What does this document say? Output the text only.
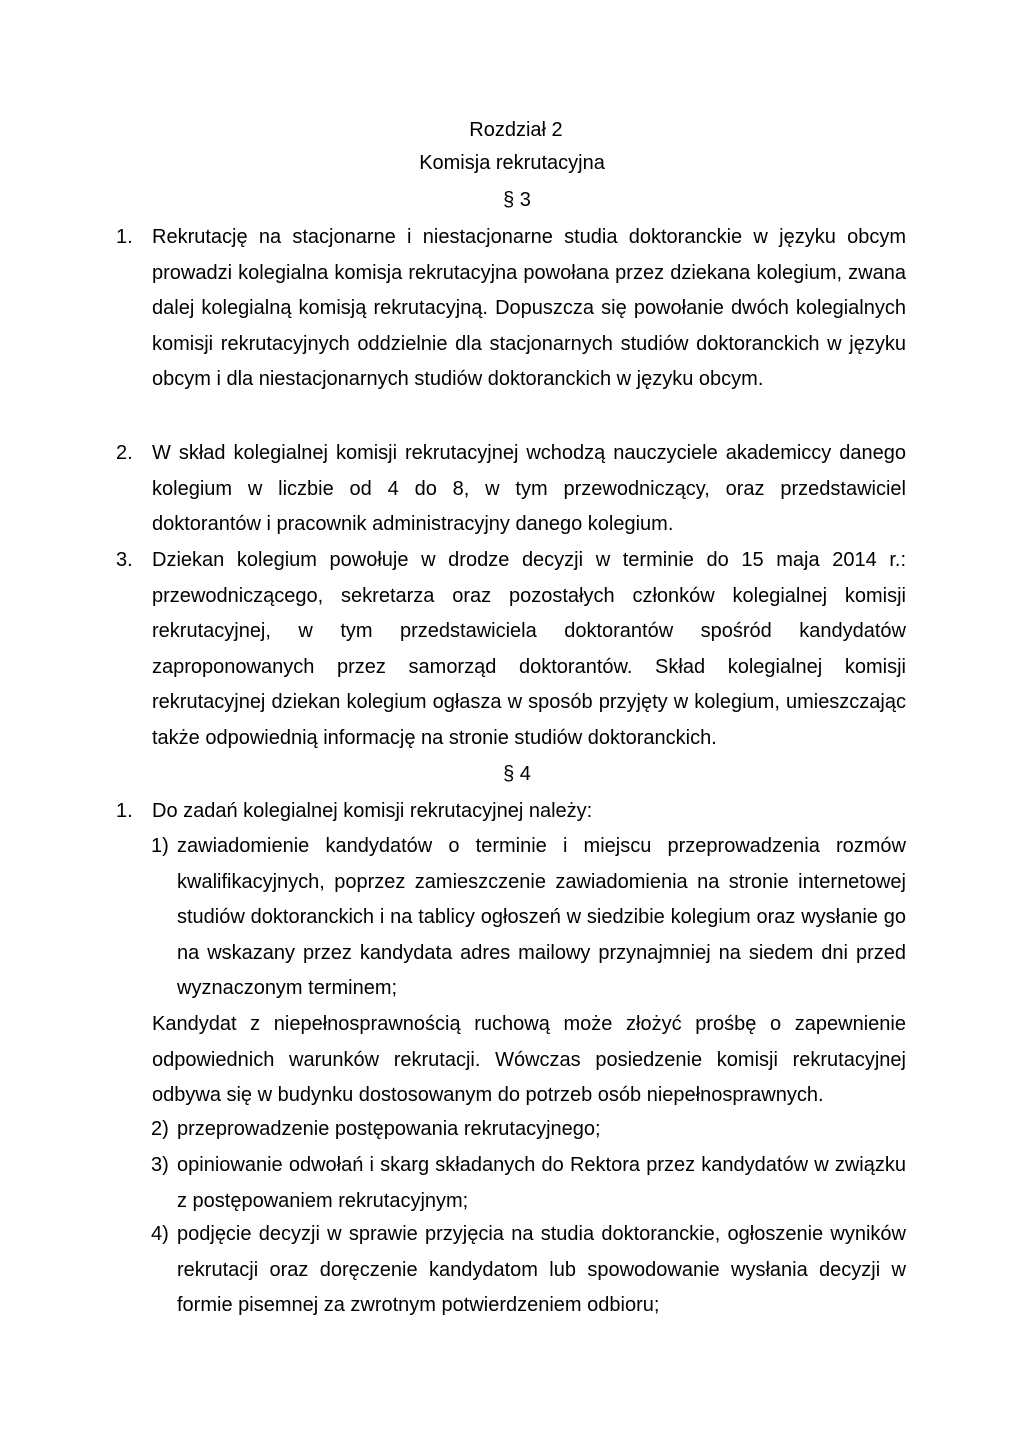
Rozdział 2
Komisja rekrutacyjna
§ 3
1. Rekrutację na stacjonarne i niestacjonarne studia doktoranckie w języku obcym prowadzi kolegialna komisja rekrutacyjna powołana przez dziekana kolegium, zwana dalej kolegialną komisją rekrutacyjną. Dopuszcza się powołanie dwóch kolegialnych komisji rekrutacyjnych oddzielnie dla stacjonarnych studiów doktoranckich w języku obcym i dla niestacjonarnych studiów doktoranckich w języku obcym.
2. W skład kolegialnej komisji rekrutacyjnej wchodzą nauczyciele akademiccy danego kolegium w liczbie od 4 do 8, w tym przewodniczący, oraz przedstawiciel doktorantów i pracownik administracyjny danego kolegium.
3. Dziekan kolegium powołuje w drodze decyzji w terminie do 15 maja 2014 r.: przewodniczącego, sekretarza oraz pozostałych członków kolegialnej komisji rekrutacyjnej, w tym przedstawiciela doktorantów spośród kandydatów zaproponowanych przez samorząd doktorantów. Skład kolegialnej komisji rekrutacyjnej dziekan kolegium ogłasza w sposób przyjęty w kolegium, umieszczając także odpowiednią informację na stronie studiów doktoranckich.
§ 4
1. Do zadań kolegialnej komisji rekrutacyjnej należy:
1) zawiadomienie kandydatów o terminie i miejscu przeprowadzenia rozmów kwalifikacyjnych, poprzez zamieszczenie zawiadomienia na stronie internetowej studiów doktoranckich i na tablicy ogłoszeń w siedzibie kolegium oraz wysłanie go na wskazany przez kandydata adres mailowy przynajmniej na siedem dni przed wyznaczonym terminem;
Kandydat z niepełnosprawnością ruchową może złożyć prośbę o zapewnienie odpowiednich warunków rekrutacji. Wówczas posiedzenie komisji rekrutacyjnej odbywa się w budynku dostosowanym do potrzeb osób niepełnosprawnych.
2) przeprowadzenie postępowania rekrutacyjnego;
3) opiniowanie odwołań i skarg składanych do Rektora przez kandydatów w związku z postępowaniem rekrutacyjnym;
4) podjęcie decyzji w sprawie przyjęcia na studia doktoranckie, ogłoszenie wyników rekrutacji oraz doręczenie kandydatom lub spowodowanie wysłania decyzji w formie pisemnej za zwrotnym potwierdzeniem odbioru;
